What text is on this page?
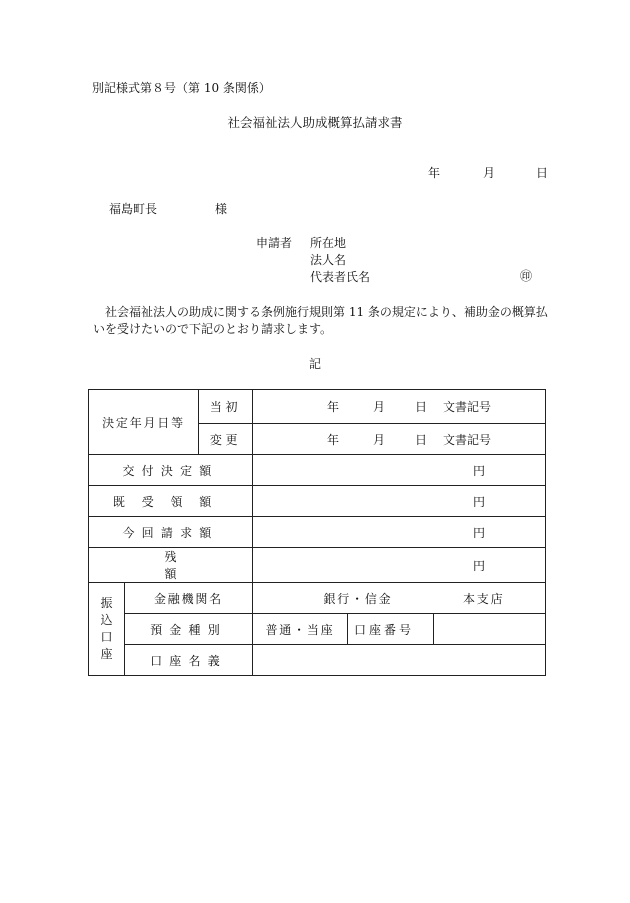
別記様式第８号（第 10 条関係）
社会福祉法人助成概算払請求書
年	月	日
福島町長	様
申請者 所在地
法人名
代表者氏名	㊞
社会福祉法人の助成に関する条例施行規則第 11 条の規定により、補助金の概算払いを受けたいので下記のとおり請求します。
記
決定年月日等		当初	年 月 日 文書記号		
		変更	年 月 日 文書記号		
交付決定額			円		
既受領額			円		
今回請求額			円		
残額			円		

振
込
口
座	金融機関名		銀行・信金 本支店		
	預金種別		普通・当座	口座番号	
	口座名義				
